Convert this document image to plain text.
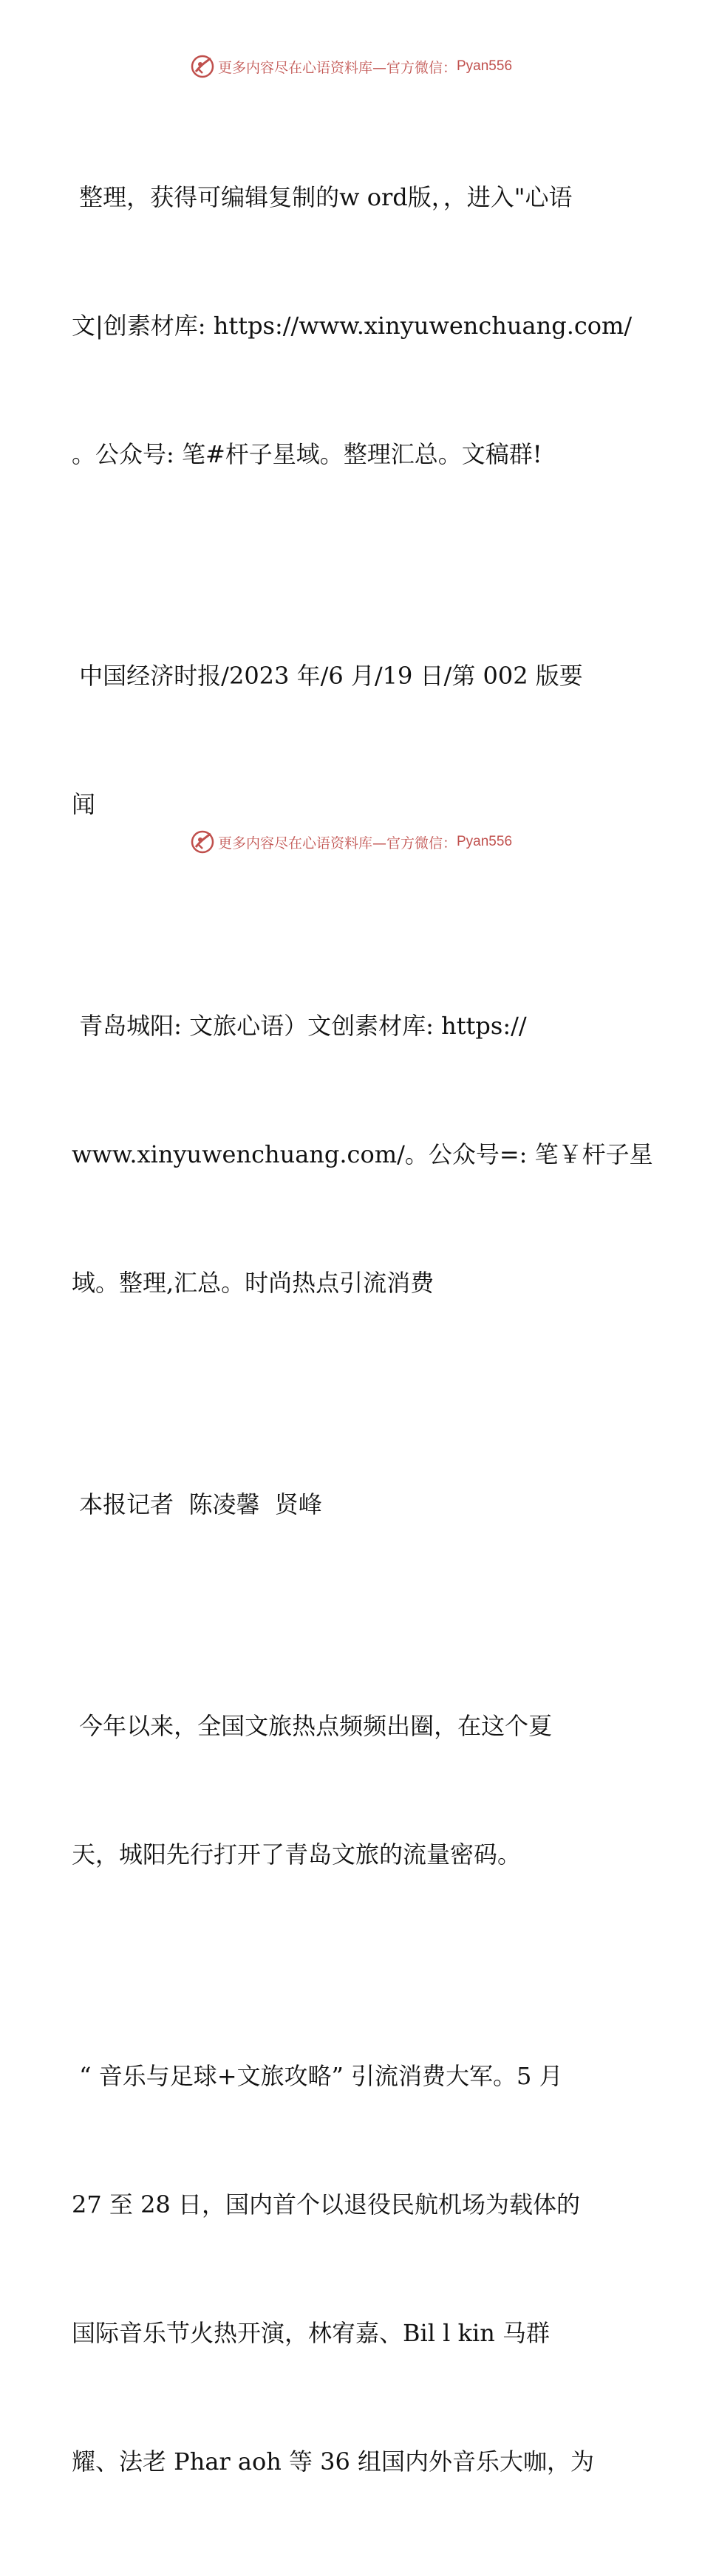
更多内容尽在心语资料库—官方微信： Pyan556

整理，获得可编辑复制的w ord版，，进入"心语

文|创素材库: https://www.xinyuwenchuang.com/

。公众号: 笔#杆子星域。整理汇总。文稿群!

中国经济时报/2023 年/6 月/19 日/第 002 版要

闻

青岛城阳: 文旅心语）文创素材库: https://

www.xinyuwenchuang.com/。公众号=: 笔￥杆子星

域。整理,汇总。时尚热点引流消费

本报记者  陈凌馨  贤峰

今年以来，全国文旅热点频频出圈，在这个夏

天，城阳先行打开了青岛文旅的流量密码。

“ 音乐与足球+文旅攻略” 引流消费大军。5 月

27 至 28 日，国内首个以退役民航机场为载体的

国际音乐节火热开演，林宥嘉、Bil l kin 马群

耀、法老 Phar aoh 等 36 组国内外音乐大咖，为

更多内容尽在心语资料库—官方微信： Pyan556
